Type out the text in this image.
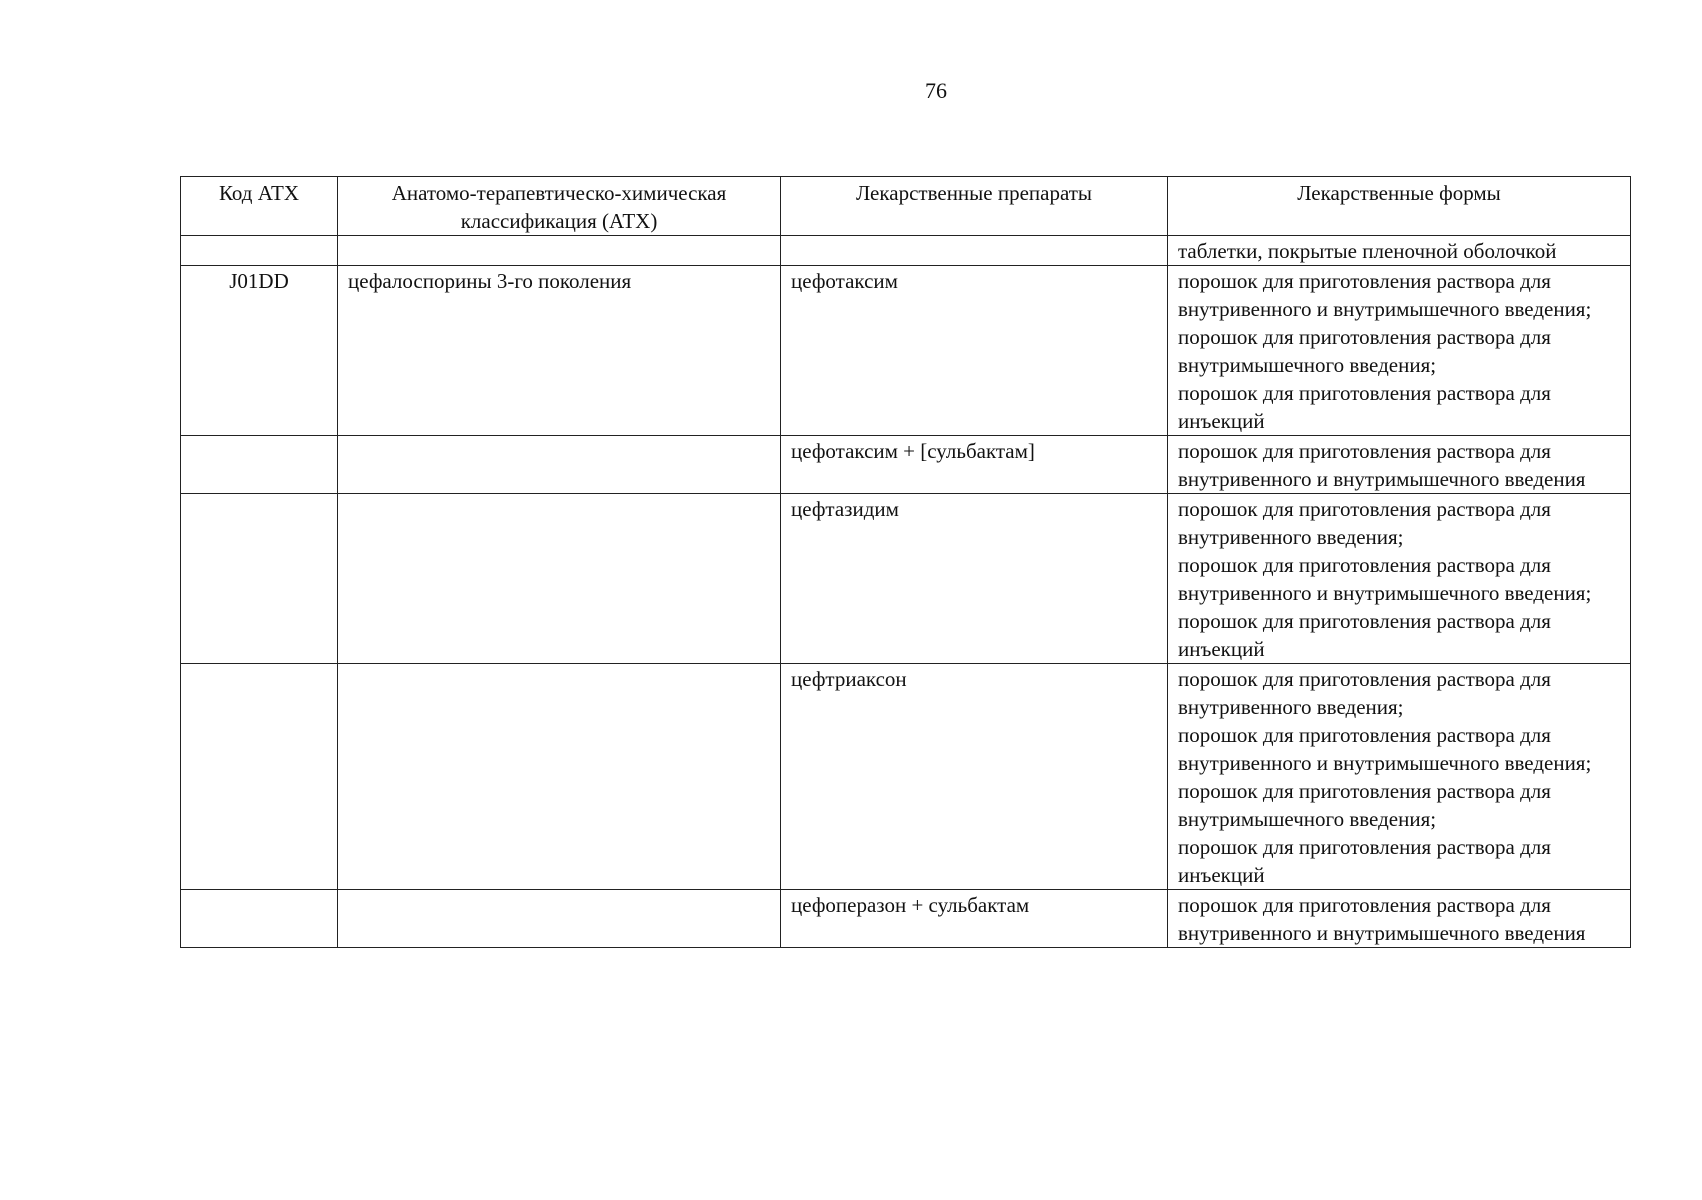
76
Код АТХ	Анатомо-терапевтическо-химическая классификация (АТХ)	Лекарственные препараты	Лекарственные формы

			таблетки, покрытые пленочной оболочкой

J01DD	цефалоспорины 3-го поколения	цефотаксим	порошок для приготовления раствора для внутривенного и внутримышечного введения;
порошок для приготовления раствора для внутримышечного введения;
порошок для приготовления раствора для инъекций

		цефотаксим + [сульбактам]	порошок для приготовления раствора для внутривенного и внутримышечного введения

		цефтазидим	порошок для приготовления раствора для внутривенного введения;
порошок для приготовления раствора для внутривенного и внутримышечного введения;
порошок для приготовления раствора для инъекций

		цефтриаксон	порошок для приготовления раствора для внутривенного введения;
порошок для приготовления раствора для внутривенного и внутримышечного введения;
порошок для приготовления раствора для внутримышечного введения;
порошок для приготовления раствора для инъекций

		цефоперазон + сульбактам	порошок для приготовления раствора для внутривенного и внутримышечного введения
